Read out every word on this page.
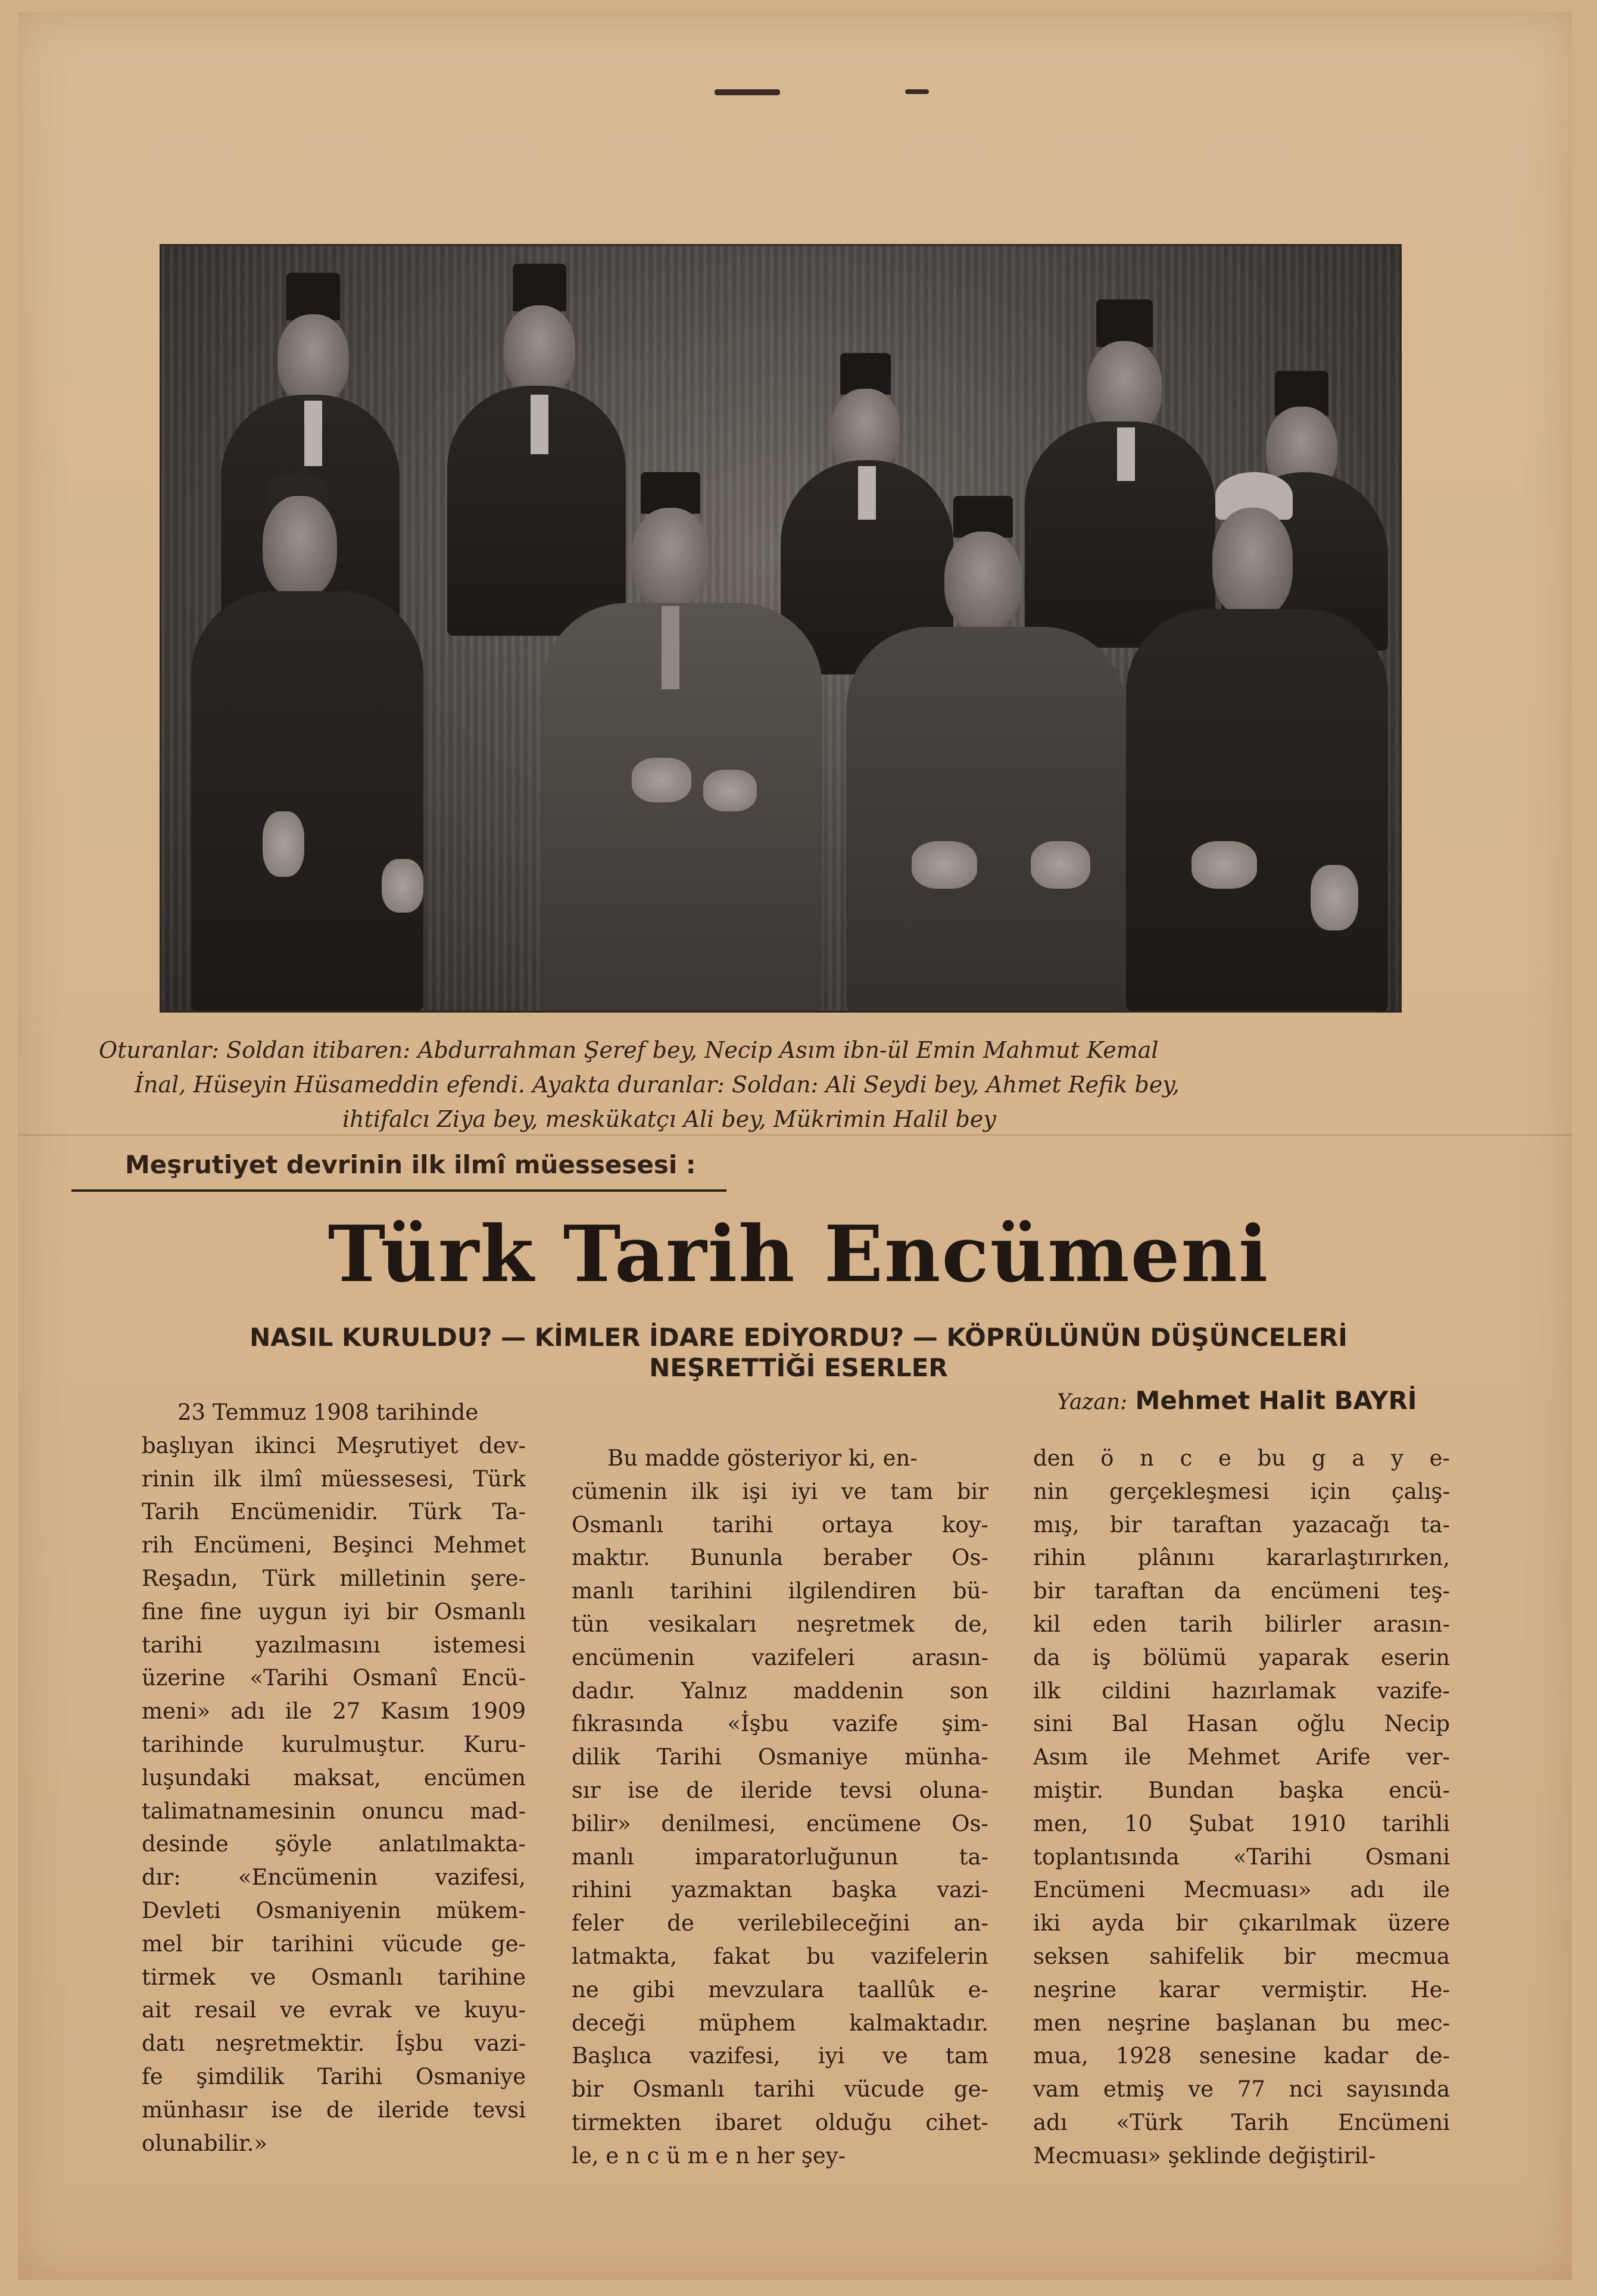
Oturanlar: Soldan itibaren: Abdurrahman Şeref bey, Necip Asım ibn-ül Emin Mahmut Kemal
İnal, Hüseyin Hüsameddin efendi. Ayakta duranlar: Soldan: Ali Seydi bey, Ahmet Refik bey,
ihtifalcı Ziya bey, meskükatçı Ali bey, Mükrimin Halil bey
Meşrutiyet devrinin ilk ilmî müessesesi :
Türk Tarih Encümeni
NASIL KURULDU? — KİMLER İDARE EDİYORDU? — KÖPRÜLÜNÜN DÜŞÜNCELERİ
NEŞRETTİĞİ ESERLER
Yazan: Mehmet Halit BAYRİ
23 Temmuz 1908 tarihinde
başlıyan ikinci Meşrutiyet dev-
rinin ilk ilmî müessesesi, Türk
Tarih Encümenidir. Türk Ta-
rih Encümeni, Beşinci Mehmet
Reşadın, Türk milletinin şere-
fine fine uygun iyi bir Osmanlı
tarihi yazılmasını istemesi
üzerine «Tarihi Osmanî Encü-
meni» adı ile 27 Kasım 1909
tarihinde kurulmuştur. Kuru-
luşundaki maksat, encümen
talimatnamesinin onuncu mad-
desinde şöyle anlatılmakta-
dır: «Encümenin vazifesi,
Devleti Osmaniyenin mükem-
mel bir tarihini vücude ge-
tirmek ve Osmanlı tarihine
ait resail ve evrak ve kuyu-
datı neşretmektir. İşbu vazi-
fe şimdilik Tarihi Osmaniye
münhasır ise de ileride tevsi
olunabilir.»
Bu madde gösteriyor ki, en-
cümenin ilk işi iyi ve tam bir
Osmanlı tarihi ortaya koy-
maktır. Bununla beraber Os-
manlı tarihini ilgilendiren bü-
tün vesikaları neşretmek de,
encümenin vazifeleri arasın-
dadır. Yalnız maddenin son
fıkrasında «İşbu vazife şim-
dilik Tarihi Osmaniye münha-
sır ise de ileride tevsi oluna-
bilir» denilmesi, encümene Os-
manlı imparatorluğunun ta-
rihini yazmaktan başka vazi-
feler de verilebileceğini an-
latmakta, fakat bu vazifelerin
ne gibi mevzulara taallûk e-
deceği müphem kalmaktadır.
Başlıca vazifesi, iyi ve tam
bir Osmanlı tarihi vücude ge-
tirmekten ibaret olduğu cihet-
le, e n c ü m e n her şey-
den ö n c e bu g a y e-
nin gerçekleşmesi için çalış-
mış, bir taraftan yazacağı ta-
rihin plânını kararlaştırırken,
bir taraftan da encümeni teş-
kil eden tarih bilirler arasın-
da iş bölümü yaparak eserin
ilk cildini hazırlamak vazife-
sini Bal Hasan oğlu Necip
Asım ile Mehmet Arife ver-
miştir. Bundan başka encü-
men, 10 Şubat 1910 tarihli
toplantısında «Tarihi Osmani
Encümeni Mecmuası» adı ile
iki ayda bir çıkarılmak üzere
seksen sahifelik bir mecmua
neşrine karar vermiştir. He-
men neşrine başlanan bu mec-
mua, 1928 senesine kadar de-
vam etmiş ve 77 nci sayısında
adı «Türk Tarih Encümeni
Mecmuası» şeklinde değiştiril-
